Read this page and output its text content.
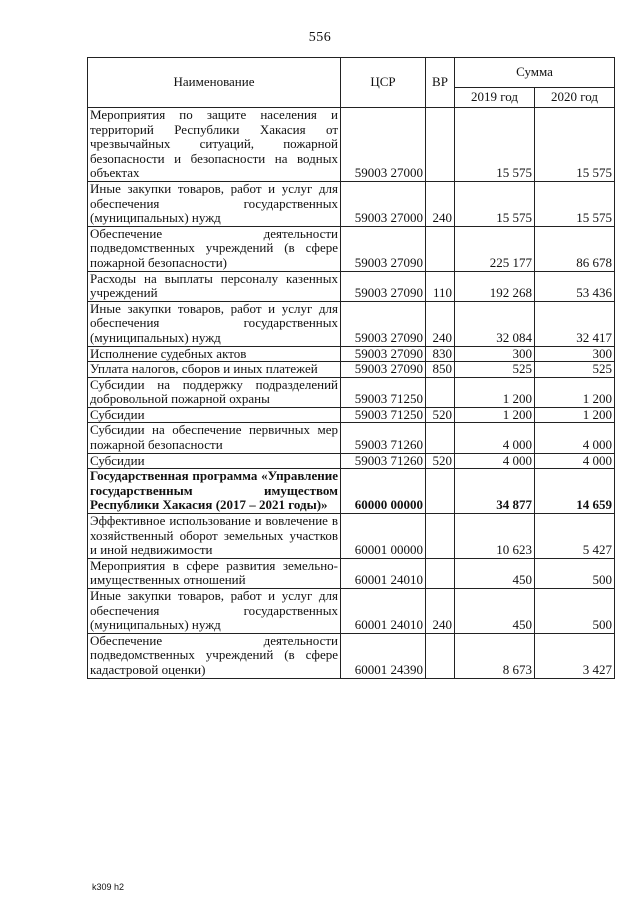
556
Наименование	ЦСР	ВР	Сумма	
			2019 год	2020 год
Мероприятия по защите населения и территорий Республики Хакасия от чрезвычайных ситуаций, пожарной безопасности и безопасности на водных объектах	59003 27000		15 575	15 575
Иные закупки товаров, работ и услуг для обеспечения государственных (муниципальных) нужд	59003 27000	240	15 575	15 575
Обеспечение деятельности подведомственных учреждений (в сфере пожарной безопасности)	59003 27090		225 177	86 678
Расходы на выплаты персоналу казенных учреждений	59003 27090	110	192 268	53 436
Иные закупки товаров, работ и услуг для обеспечения государственных (муниципальных) нужд	59003 27090	240	32 084	32 417
Исполнение судебных актов	59003 27090	830	300	300
Уплата налогов, сборов и иных платежей	59003 27090	850	525	525
Субсидии на поддержку подразделений добровольной пожарной охраны	59003 71250		1 200	1 200
Субсидии	59003 71250	520	1 200	1 200
Субсидии на обеспечение первичных мер пожарной безопасности	59003 71260		4 000	4 000
Субсидии	59003 71260	520	4 000	4 000
Государственная программа «Управление государственным имуществом Республики Хакасия (2017 – 2021 годы)»	60000 00000		34 877	14 659
Эффективное использование и вовлечение в хозяйственный оборот земельных участков и иной недвижимости	60001 00000		10 623	5 427
Мероприятия в сфере развития земельно-имущественных отношений	60001 24010		450	500
Иные закупки товаров, работ и услуг для обеспечения государственных (муниципальных) нужд	60001 24010	240	450	500
Обеспечение деятельности подведомственных учреждений (в сфере кадастровой оценки)	60001 24390		8 673	3 427
k309 h2
